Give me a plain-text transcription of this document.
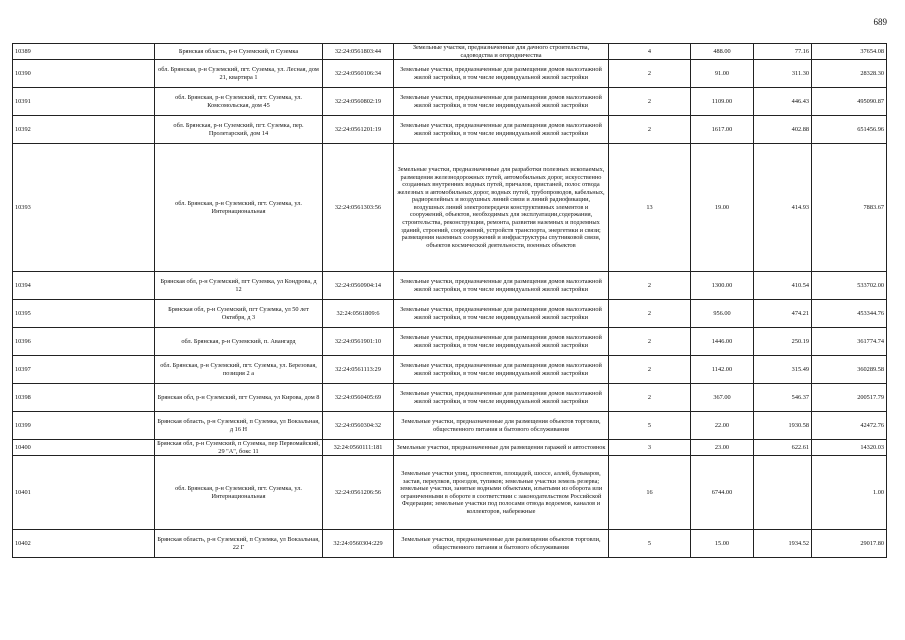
689
10389	Брянская область, р-н Суземский, п Суземка	32:24:0561803:44	Земельные участки, предназначенные для дачного строительства, садоводства и огородничества	4	488.00	77.16	37654.08
10390	обл. Брянская, р-н Суземский, пгт. Суземка, ул. Лесная, дом 21, квартира 1	32:24:0560106:34	Земельные участки, предназначенные для размещения домов малоэтажной жилой застройки, в том числе индивидуальной жилой застройки	2	91.00	311.30	28328.30
10391	обл. Брянская, р-н Суземский, пгт. Суземка, ул. Комсомольская, дом 45	32:24:0560802:19	Земельные участки, предназначенные для размещения домов малоэтажной жилой застройки, в том числе индивидуальной жилой застройки	2	1109.00	446.43	495090.87
10392	обл. Брянская, р-н Суземский, пгт. Суземка, пер. Пролетарский, дом 14	32:24:0561201:19	Земельные участки, предназначенные для размещения домов малоэтажной жилой застройки, в том числе индивидуальной жилой застройки	2	1617.00	402.88	651456.96
10393	обл. Брянская, р-н Суземский, пгт. Суземка, ул. Интернациональная	32:24:0561303:56	Земельные участки, предназначенные для разработки полезных ископаемых, размещения железнодорожных путей, автомобильных дорог, искусственно созданных внутренних водных путей, причалов, пристаней, полос отвода железных и автомобильных дорог, водных путей, трубопроводов, кабельных, радиорелейных и воздушных линий связи и линий радиофикации, воздушных линий электропередачи конструктивных элементов и сооружений, объектов, необходимых для эксплуатации,содержания, строительства, реконструкции, ремонта, развития наземных и подземных зданий, строений, сооружений, устройств транспорта, энергетики и связи; размещения наземных сооружений и инфраструктуры спутниковой связи, объектов космической деятельности, военных объектов	13	19.00	414.93	7883.67
10394	Брянская обл, р-н Суземский, пгт Суземка, ул Кондрова, д 12	32:24:0560904:14	Земельные участки, предназначенные для размещения домов малоэтажной жилой застройки, в том числе индивидуальной жилой застройки	2	1300.00	410.54	533702.00
10395	Брянская обл, р-н Суземский, пгт Суземка, ул 50 лет Октября, д 3	32:24:0561809:6	Земельные участки, предназначенные для размещения домов малоэтажной жилой застройки, в том числе индивидуальной жилой застройки	2	956.00	474.21	453344.76
10396	обл. Брянская, р-н Суземский, п. Авангард	32:24:0561901:10	Земельные участки, предназначенные для размещения домов малоэтажной жилой застройки, в том числе индивидуальной жилой застройки	2	1446.00	250.19	361774.74
10397	обл. Брянская, р-н Суземский, пгт. Суземка, ул. Березовая, позиция 2 а	32:24:0561113:29	Земельные участки, предназначенные для размещения домов малоэтажной жилой застройки, в том числе индивидуальной жилой застройки	2	1142.00	315.49	360289.58
10398	Брянская обл, р-н Суземский, пгт Суземка, ул Кирова, дом 8	32:24:0560405:69	Земельные участки, предназначенные для размещения домов малоэтажной жилой застройки, в том числе индивидуальной жилой застройки	2	367.00	546.37	200517.79
10399	Брянская область, р-н Суземский, п Суземка, ул Вокзальная, д 16 Н	32:24:0560304:32	Земельные участки, предназначенные для размещения объектов торговли, общественного питания и бытового обслуживания	5	22.00	1930.58	42472.76
10400	Брянская обл, р-н Суземский, п Суземка, пер Первомайский, 29 "А", бокс 11	32:24:0560111:181	Земельные участки, предназначенные для размещения гаражей и автостоянок	3	23.00	622.61	14320.03
10401	обл. Брянская, р-н Суземский, пгт. Суземка, ул. Интернациональная	32:24:0561206:56	Земельные участки улиц, проспектов, площадей, шоссе, аллей, бульваров, застав, переулков, проездов, тупиков; земельные участки земель резерва; земельные участки, занятые водными объектами, изъятыми из оборота или ограниченными в обороте в соответствии с законодательством Российской Федерации; земельные участки под полосами отвода водоемов, каналов и коллекторов, набережные	16	6744.00		1.00
10402	Брянская область, р-н Суземский, п Суземка, ул Вокзальная, 22 Г	32:24:0560304:229	Земельные участки, предназначенные для размещения объектов торговли, общественного питания и бытового обслуживания	5	15.00	1934.52	29017.80
